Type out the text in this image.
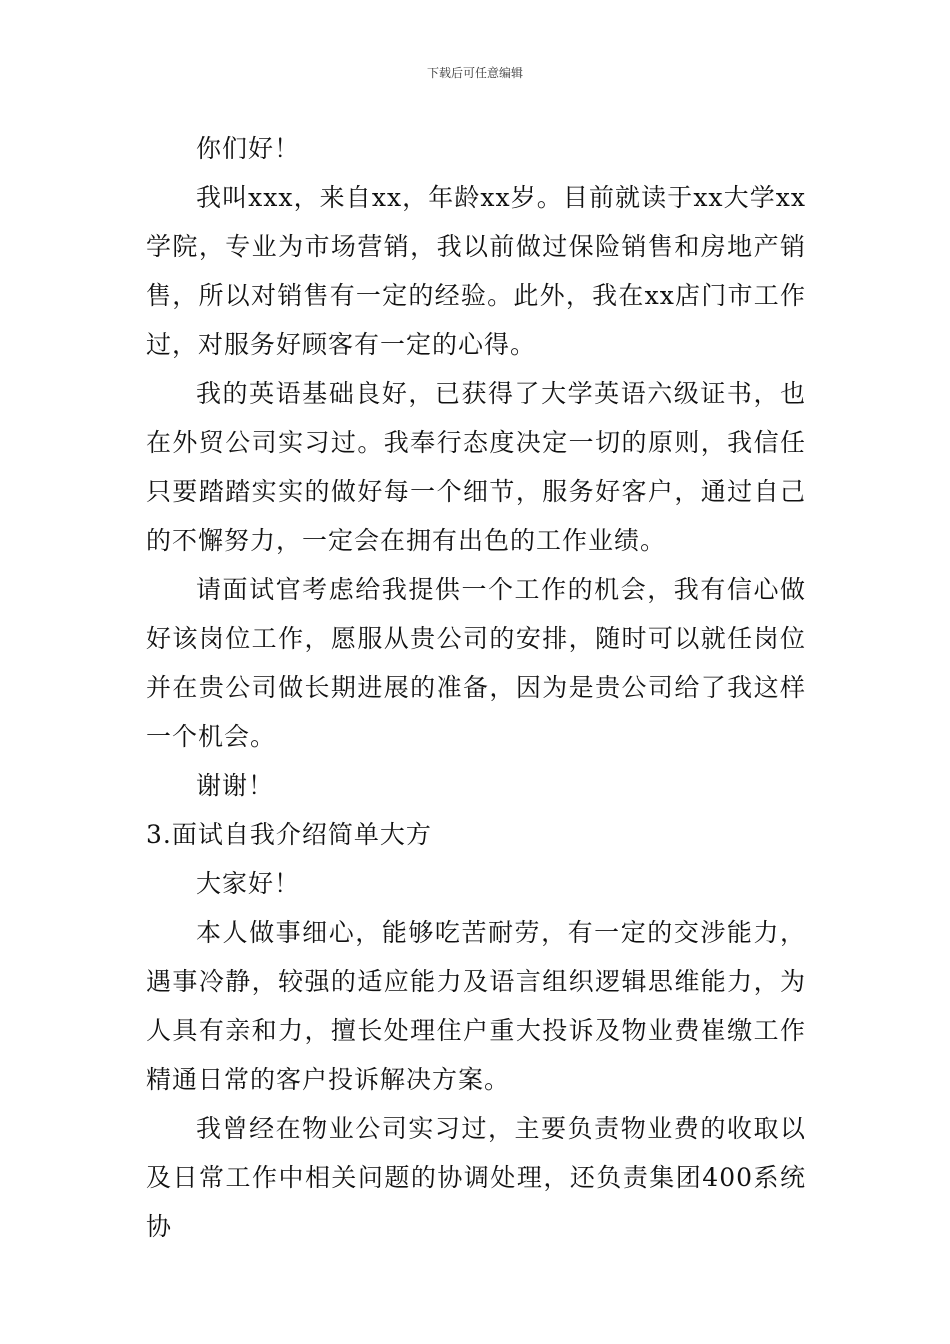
下载后可任意编辑

你们好！

我叫xxx，来自xx，年龄xx岁。目前就读于xx大学xx学院，专业为市场营销，我以前做过保险销售和房地产销售，所以对销售有一定的经验。此外，我在xx店门市工作过，对服务好顾客有一定的心得。

我的英语基础良好，已获得了大学英语六级证书，也在外贸公司实习过。我奉行态度决定一切的原则，我信任只要踏踏实实的做好每一个细节，服务好客户，通过自己的不懈努力，一定会在拥有出色的工作业绩。

请面试官考虑给我提供一个工作的机会，我有信心做好该岗位工作，愿服从贵公司的安排，随时可以就任岗位并在贵公司做长期进展的准备，因为是贵公司给了我这样一个机会。

谢谢！

3.面试自我介绍简单大方

大家好！

本人做事细心，能够吃苦耐劳，有一定的交涉能力，遇事冷静，较强的适应能力及语言组织逻辑思维能力，为人具有亲和力，擅长处理住户重大投诉及物业费崔缴工作精通日常的客户投诉解决方案。

我曾经在物业公司实习过，主要负责物业费的收取以及日常工作中相关问题的协调处理，还负责集团400系统协
